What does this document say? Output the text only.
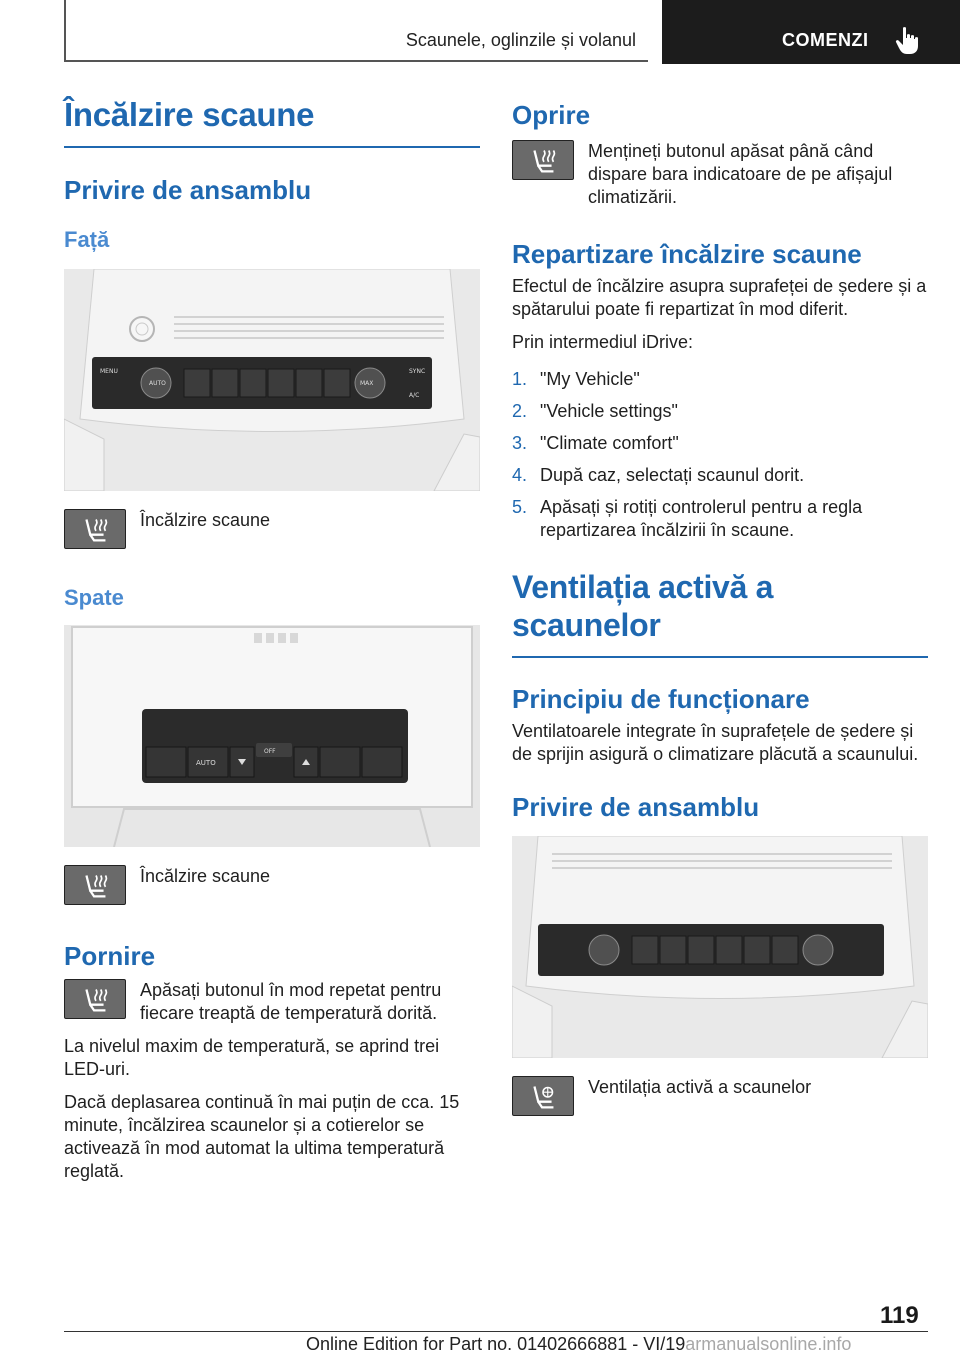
Scaunele, oglinzile și volanul	COMENZI
Încălzire scaune
Privire de ansamblu
Față
MENU
AUTO	MAX
SYNC
A/C

Încălzire scaune

Spate
OFF
AUTO

Încălzire scaune

Pornire

Apăsați butonul în mod repetat pentru fiecare treaptă de temperatură dorită.

La nivelul maxim de temperatură, se aprind trei LED-uri.

Dacă deplasarea continuă în mai puțin de cca. 15 minute, încălzirea scaunelor și a cotierelor se activează în mod automat la ultima temperatură reglată.

Oprire

Mențineți butonul apăsat până când dispare bara indicatoare de pe afișajul climatizării.

Repartizare încălzire scaune

Efectul de încălzire asupra suprafeței de ședere și a spătarului poate fi repartizat în mod diferit.

Prin intermediul iDrive:

1. "My Vehicle"
2. "Vehicle settings"
3. "Climate comfort"
4. După caz, selectați scaunul dorit.
5. Apăsați și rotiți controlerul pentru a regla repartizarea încălzirii în scaune.
Ventilația activă a scaunelor
Principiu de funcționare

Ventilatoarele integrate în suprafețele de ședere și de sprijin asigură o climatizare plăcută a scaunului.

Privire de ansamblu

Ventilația activă a scaunelor

119
Online Edition for Part no. 01402666881 - VI/19armanualsonline.info
